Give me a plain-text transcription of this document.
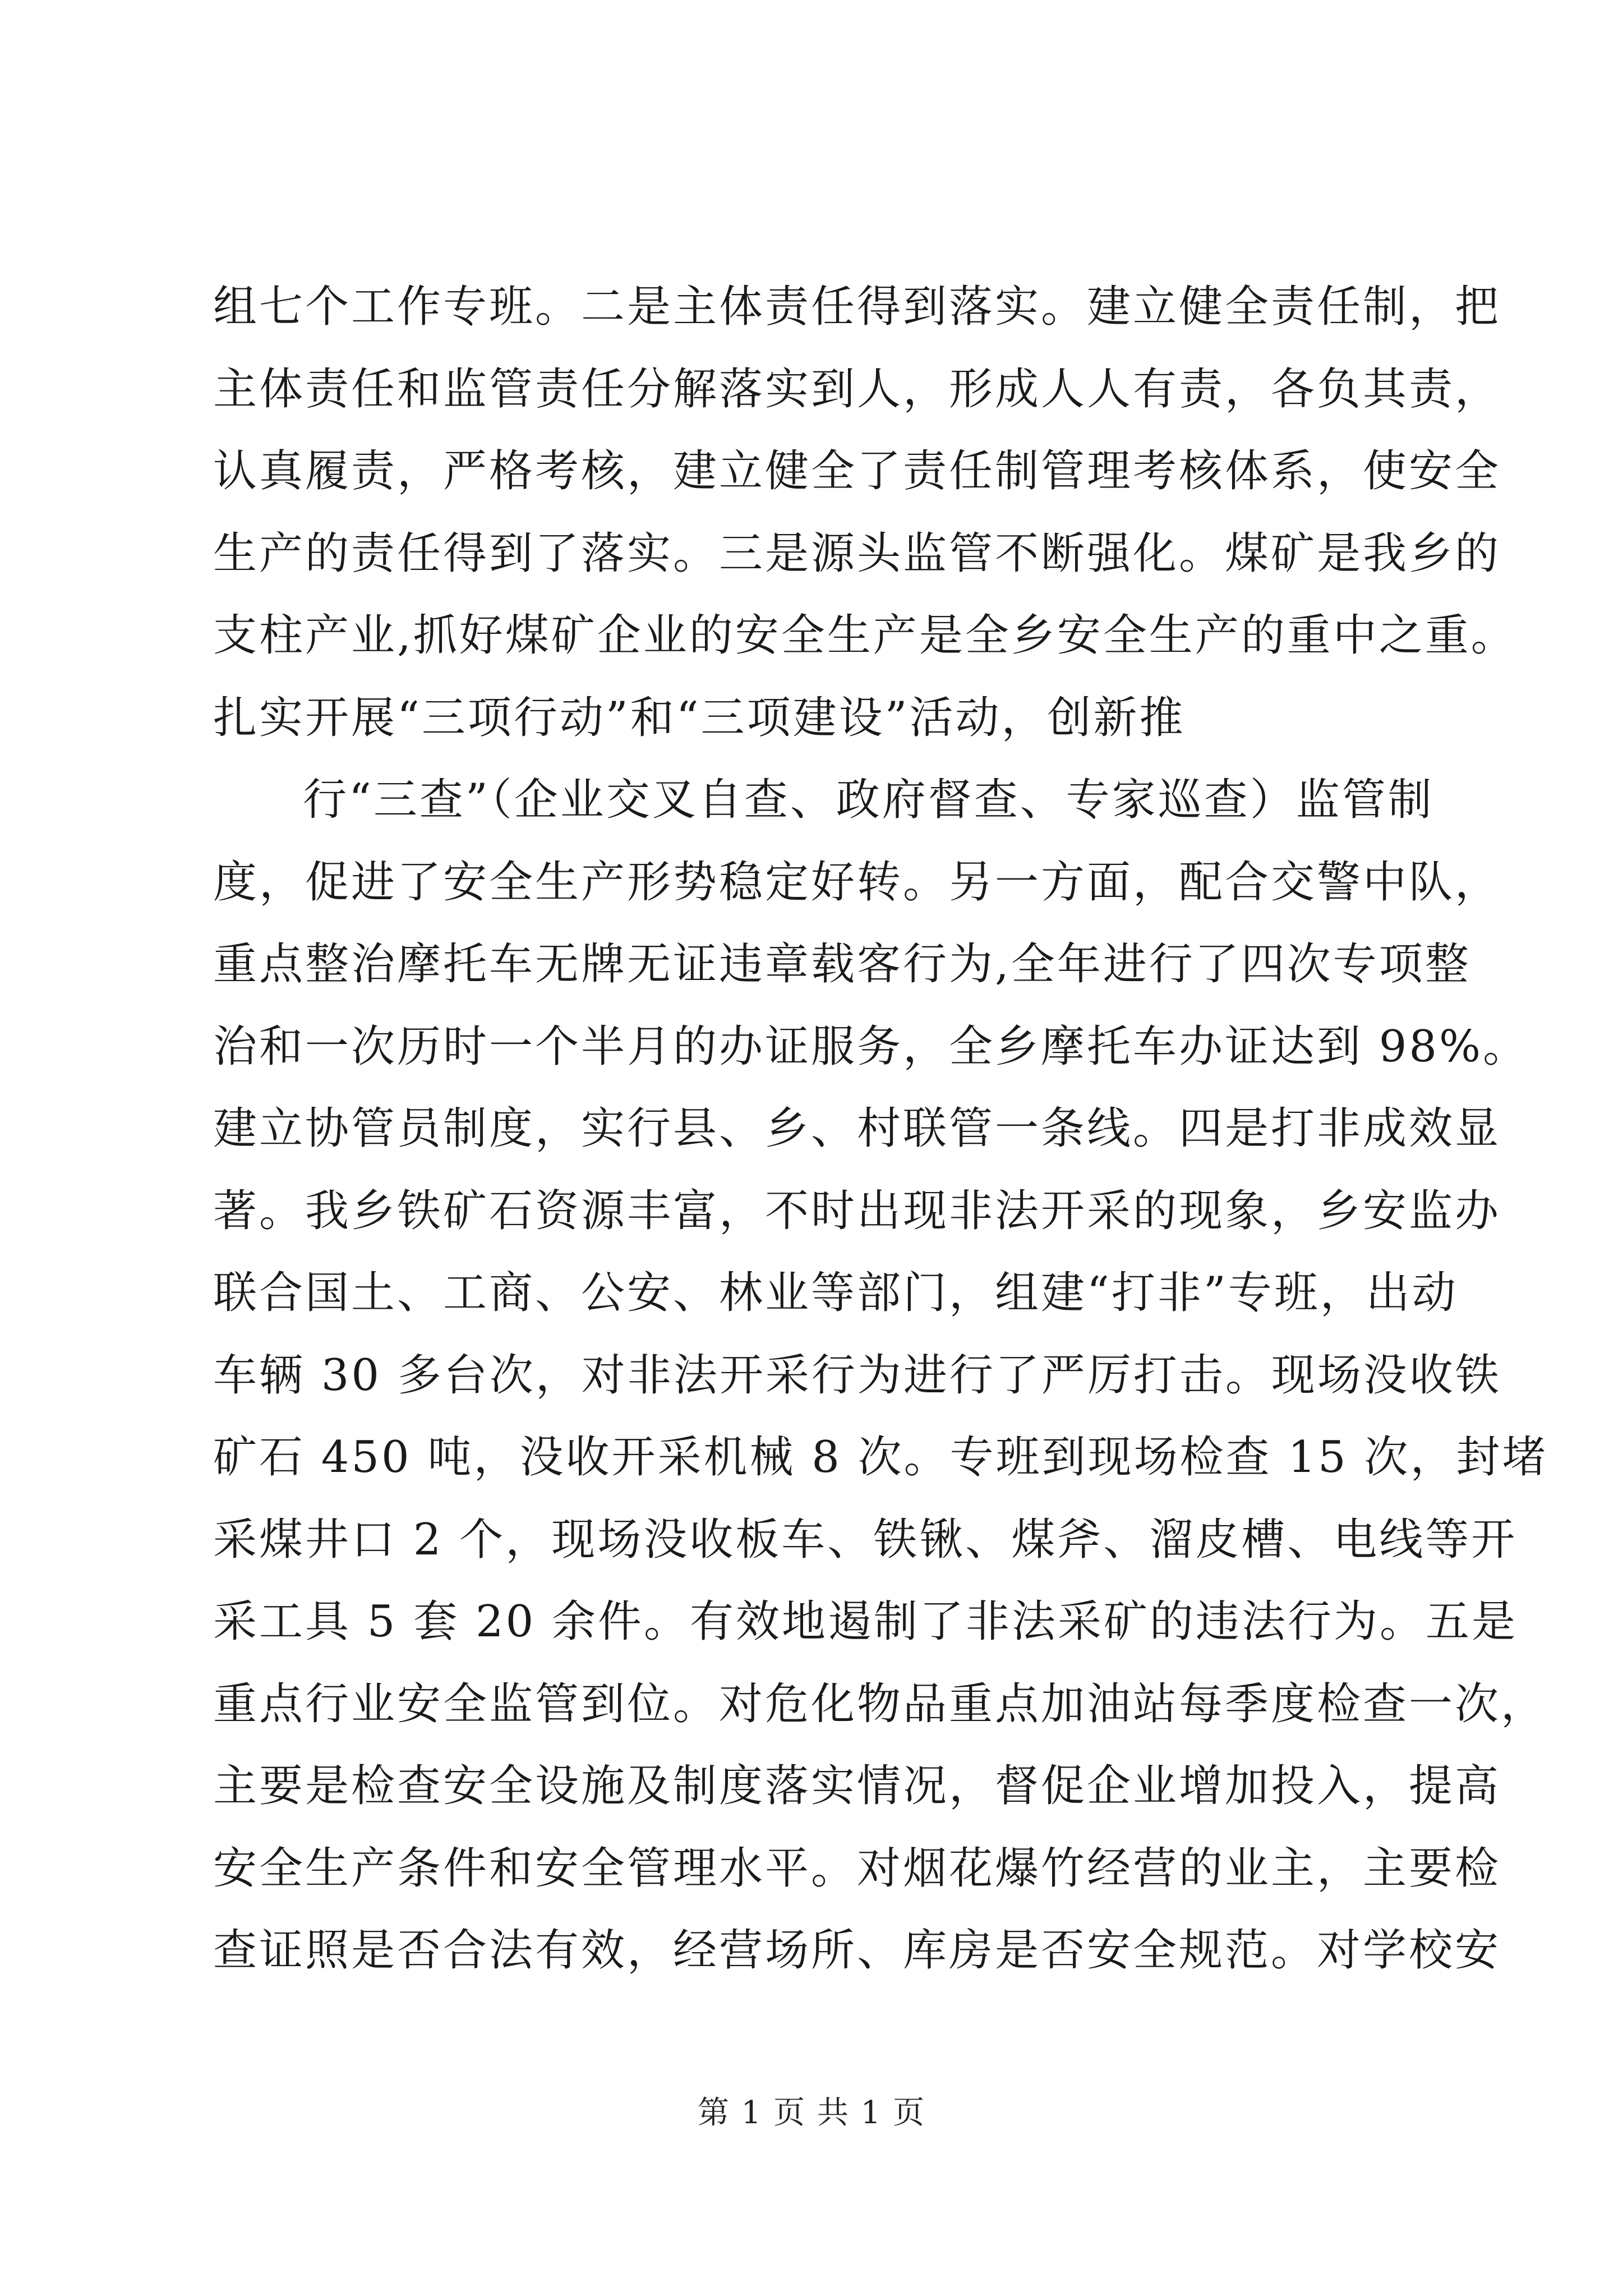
组七个工作专班。二是主体责任得到落实。建立健全责任制，把
主体责任和监管责任分解落实到人，形成人人有责，各负其责，
认真履责，严格考核，建立健全了责任制管理考核体系，使安全
生产的责任得到了落实。三是源头监管不断强化。煤矿是我乡的
支柱产业,抓好煤矿企业的安全生产是全乡安全生产的重中之重。
扎实开展“三项行动”和“三项建设”活动，创新推
行“三查”（企业交叉自查、政府督查、专家巡查）监管制
度，促进了安全生产形势稳定好转。另一方面，配合交警中队，
重点整治摩托车无牌无证违章载客行为,全年进行了四次专项整
治和一次历时一个半月的办证服务，全乡摩托车办证达到 98%。
建立协管员制度，实行县、乡、村联管一条线。四是打非成效显
著。我乡铁矿石资源丰富，不时出现非法开采的现象，乡安监办
联合国土、工商、公安、林业等部门，组建“打非”专班，出动
车辆 30 多台次，对非法开采行为进行了严厉打击。现场没收铁
矿石 450 吨，没收开采机械 8 次。专班到现场检查 15 次，封堵
采煤井口 2 个，现场没收板车、铁锹、煤斧、溜皮槽、电线等开
采工具 5 套 20 余件。有效地遏制了非法采矿的违法行为。五是
重点行业安全监管到位。对危化物品重点加油站每季度检查一次，
主要是检查安全设施及制度落实情况，督促企业增加投入，提高
安全生产条件和安全管理水平。对烟花爆竹经营的业主，主要检
查证照是否合法有效，经营场所、库房是否安全规范。对学校安
第 1 页 共 1 页
